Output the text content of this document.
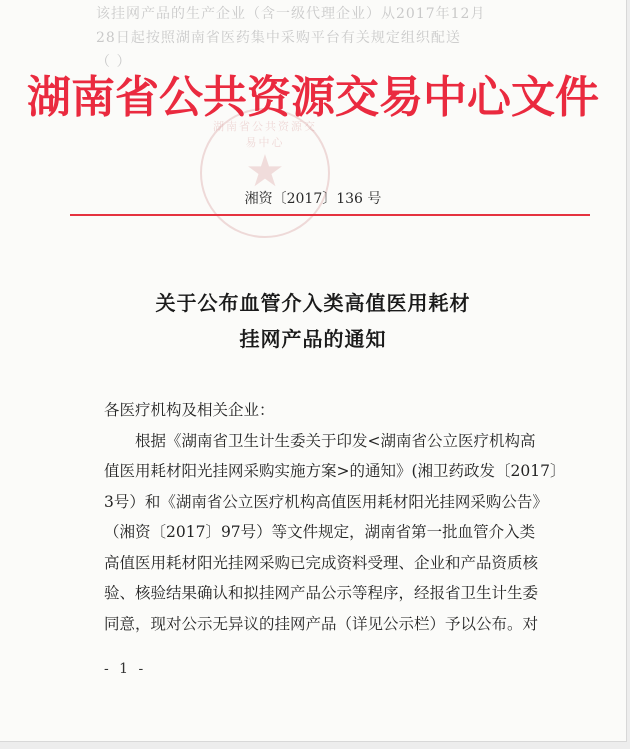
该挂网产品的生产企业（含一级代理企业）从2017年12月
28日起按照湖南省医药集中采购平台有关规定组织配送
（ ）
湖南省公共资源交易中心
★
湖南省公共资源交易中心文件
湘资〔2017〕136 号
关于公布血管介入类高值医用耗材
挂网产品的通知

各医疗机构及相关企业：

根据《湖南省卫生计生委关于印发<湖南省公立医疗机构高

值医用耗材阳光挂网采购实施方案>的通知》(湘卫药政发〔2017〕

3号）和《湖南省公立医疗机构高值医用耗材阳光挂网采购公告》

（湘资〔2017〕97号）等文件规定，湖南省第一批血管介入类

高值医用耗材阳光挂网采购已完成资料受理、企业和产品资质核

验、核验结果确认和拟挂网产品公示等程序，经报省卫生计生委

同意，现对公示无异议的挂网产品（详见公示栏）予以公布。对

- 1 -
